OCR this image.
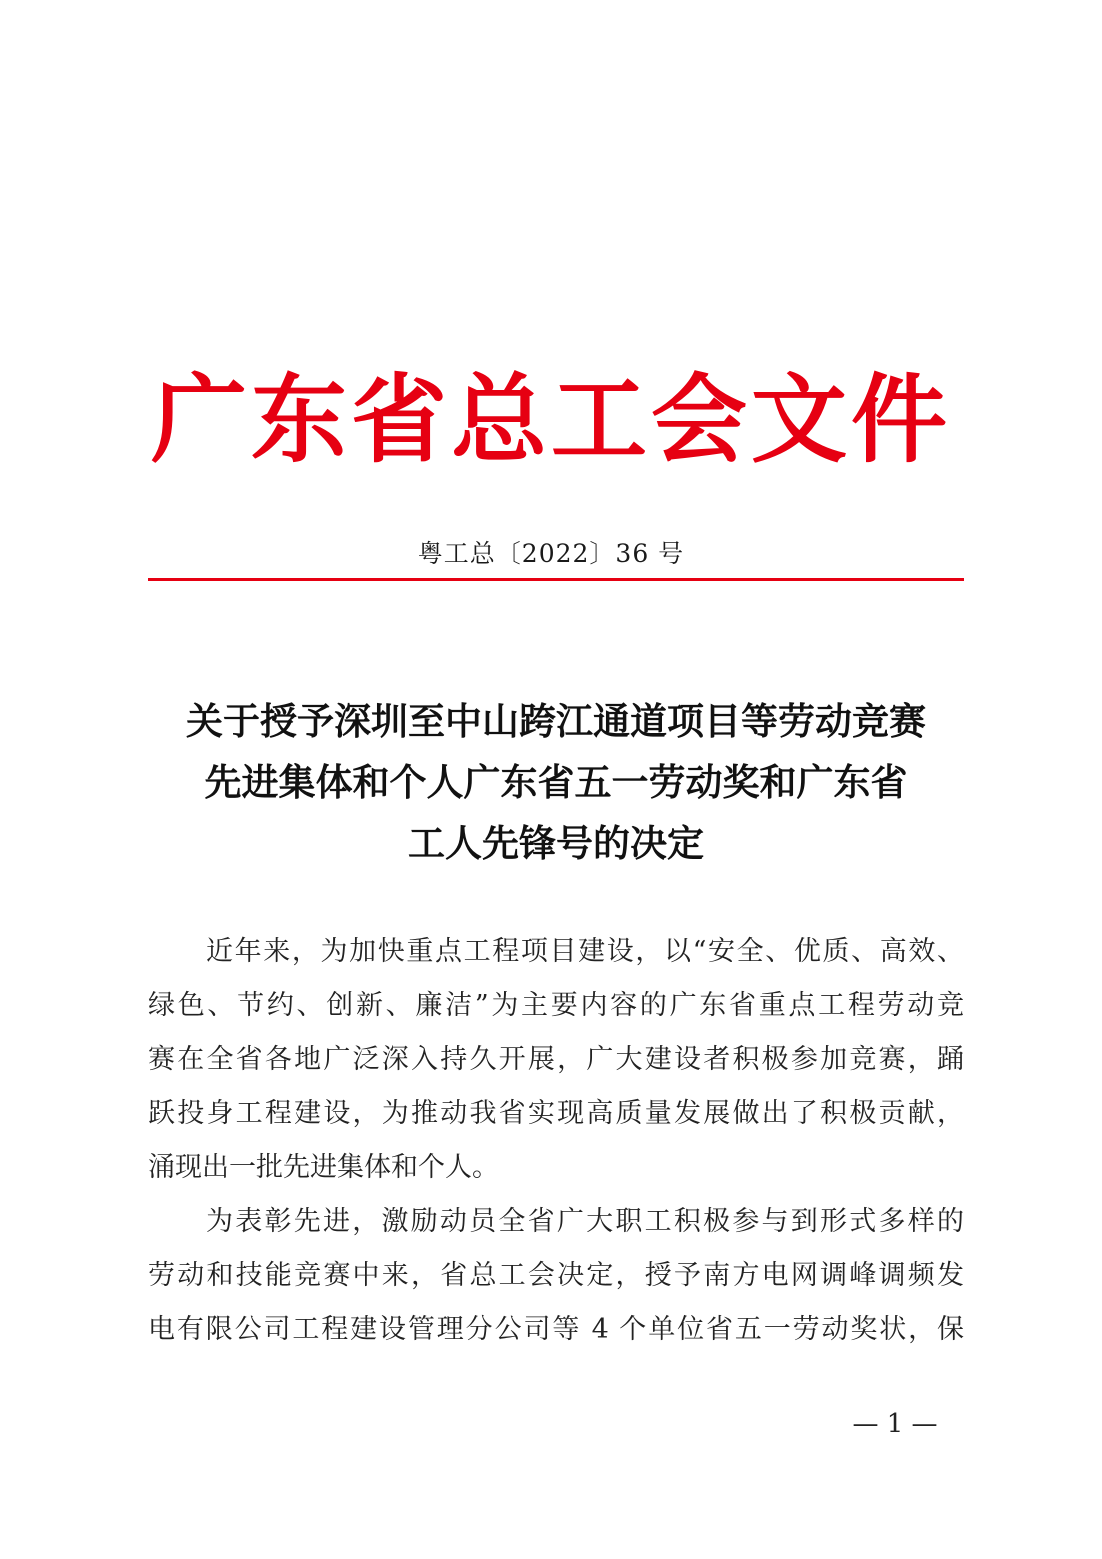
广东省总工会文件
粤工总〔2022〕36 号
关于授予深圳至中山跨江通道项目等劳动竞赛
先进集体和个人广东省五一劳动奖和广东省
工人先锋号的决定
近年来，为加快重点工程项目建设，以“安全、优质、高效、
绿色、节约、创新、廉洁”为主要内容的广东省重点工程劳动竞
赛在全省各地广泛深入持久开展，广大建设者积极参加竞赛，踊
跃投身工程建设，为推动我省实现高质量发展做出了积极贡献，
涌现出一批先进集体和个人。
为表彰先进，激励动员全省广大职工积极参与到形式多样的
劳动和技能竞赛中来，省总工会决定，授予南方电网调峰调频发
电有限公司工程建设管理分公司等 4 个单位省五一劳动奖状，保
— 1 —
